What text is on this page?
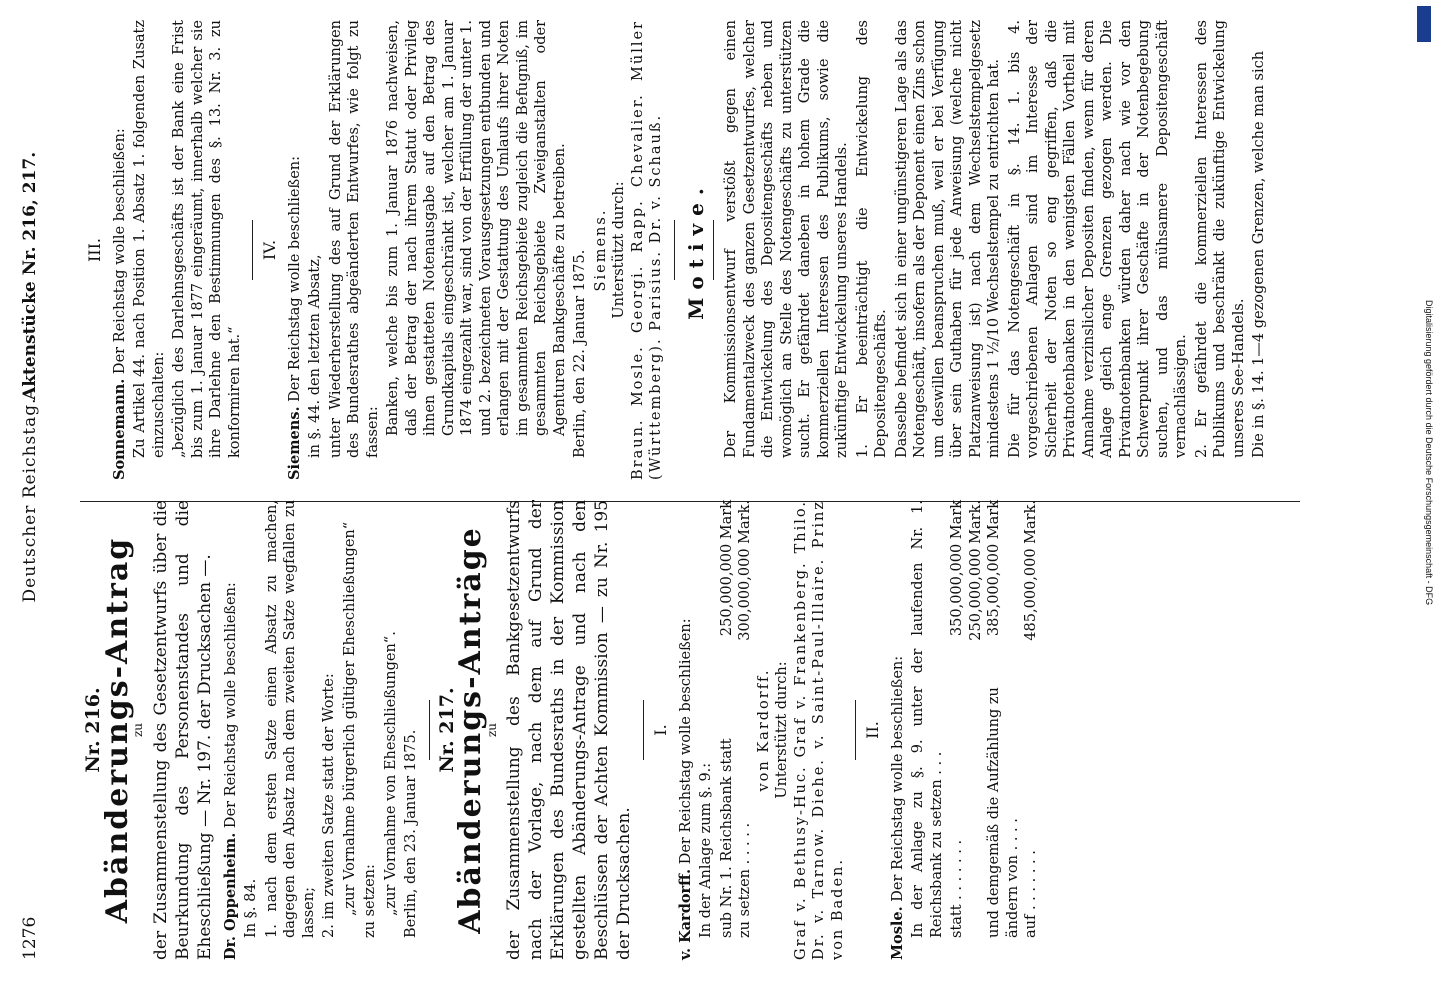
1276
Deutscher Reichstag.
Aktenstücke Nr. 216, 217.
Nr. 216.
Abänderungs-Antrag
zu der Zusammenstellung des Gesetzentwurfs über die Beurkundung des Personenstandes und die Eheschließung — Nr. 197. der Drucksachen —. Dr. Oppenheim. Der Reichstag wolle beschließen:
In §. 84. 1. nach dem ersten Satze einen Absatz zu machen, dagegen den Absatz nach dem zweiten Satze wegfallen zu lassen; 2. im zweiten Satze statt der Worte: „zur Vornahme bürgerlich gültiger Eheschließungen“ zu setzen: „zur Vornahme von Eheschließungen“. Berlin, den 23. Januar 1875. Nr. 217.
Abänderungs-Anträge
zu der Zusammenstellung des Bankgesetzentwurfs nach der Vorlage, nach dem auf Grund der Erklärungen des Bundesraths in der Kommission gestellten Abänderungs-Antrage und nach den Beschlüssen der Achten Kommission — zu Nr. 195 der Drucksachen.
I.
v. Kardorff. Der Reichstag wolle beschließen: In der Anlage zum §. 9.: sub Nr. 1. Reichsbank statt
250,000,000 Mark
zu setzen . . . . .
300,000,000 Mark.
von Kardorff. Unterstützt durch: Graf v. Bethusy-Huc. Graf v. Frankenberg. Thilo. Dr. v. Tarnow. Diehe. v. Saint-Paul-Illaire. Prinz von Baden.
II.
Mosle. Der Reichstag wolle beschließen: In der Anlage zu §. 9. unter der laufenden Nr. 1. Reichsbank zu setzen . . . statt . . . . . . .
350,000,000 Mark 250,000,000 Mark.
und demgemäß die Aufzählung zu ändern von . . . .
385,000,000 Mark
auf . . . . . . .
485,000,000 Mark.
III.
Sonnemann. Der Reichstag wolle beschließen: Zu Artikel 44. nach Position 1. Absatz 1. folgenden Zusatz einzuschalten: „bezüglich des Darlehnsgeschäfts ist der Bank eine Frist bis zum 1. Januar 1877 eingeräumt, innerhalb welcher sie ihre Darlehne den Bestimmungen des §. 13. Nr. 3. zu konformiren hat.“
IV.
Siemens. Der Reichstag wolle beschließen: in §. 44. den letzten Absatz, unter Wiederherstellung des auf Grund der Erklärungen des Bundesrathes abgeänderten Entwurfes, wie folgt zu fassen: Banken, welche bis zum 1. Januar 1876 nachweisen, daß der Betrag der nach ihrem Statut oder Privileg ihnen gestatteten Notenausgabe auf den Betrag des Grundkapitals eingeschränkt ist, welcher am 1. Januar 1874 eingezahlt war, sind von der Erfüllung der unter 1. und 2. bezeichneten Vorausgesetzungen entbunden und erlangen mit der Gestattung des Umlaufs ihrer Noten im gesammten Reichsgebiete zugleich die Befugniß, im gesammten Reichsgebiete Zweiganstalten oder Agenturen Bankgeschäfte zu betreiben. Berlin, den 22. Januar 1875. Siemens. Unterstützt durch: Braun. Mosle. Georgi. Rapp. Chevalier. Müller (Württemberg). Parisius. Dr. v. Schauß. Motive. Der Kommissionsentwurf verstößt gegen einen Fundamentalzweck des ganzen Gesetzentwurfes, welcher die Entwickelung des Depositengeschäfts neben und womöglich an Stelle des Notengeschäfts zu unterstützen sucht. Er gefährdet daneben in hohem Grade die kommerziellen Interessen des Publikums, sowie die zukünftige Entwickelung unseres Handels. 1. Er beeinträchtigt die Entwickelung des Depositengeschäfts. Dasselbe befindet sich in einer ungünstigeren Lage als das Notengeschäft, insofern als der Deponent einen Zins schon um deswillen beanspruchen muß, weil er bei Verfügung über sein Guthaben für jede Anweisung (welche nicht Platzanweisung ist) nach dem Wechselstempelgesetz mindestens 1 ½/10 Wechselstempel zu entrichten hat. Die für das Notengeschäft in §. 14. 1. bis 4. vorgeschriebenen Anlagen sind im Interesse der Sicherheit der Noten so eng gegriffen, daß die Privatnotenbanken in den wenigsten Fällen Vortheil mit Annahme verzinslicher Depositen finden, wenn für deren Anlage gleich enge Grenzen gezogen werden. Die Privatnotenbanken würden daher nach wie vor den Schwerpunkt ihrer Geschäfte in der Notenbegebung suchen, und das mühsamere Depositengeschäft vernachlässigen. 2. Er gefährdet die kommerziellen Interessen des Publikums und beschränkt die zukünftige Entwickelung unseres See-Handels. Die in §. 14. 1—4 gezogenen Grenzen, welche man sich	Digitalisierung gefördert durch die Deutsche Forschungsgemeinschaft - DFG
